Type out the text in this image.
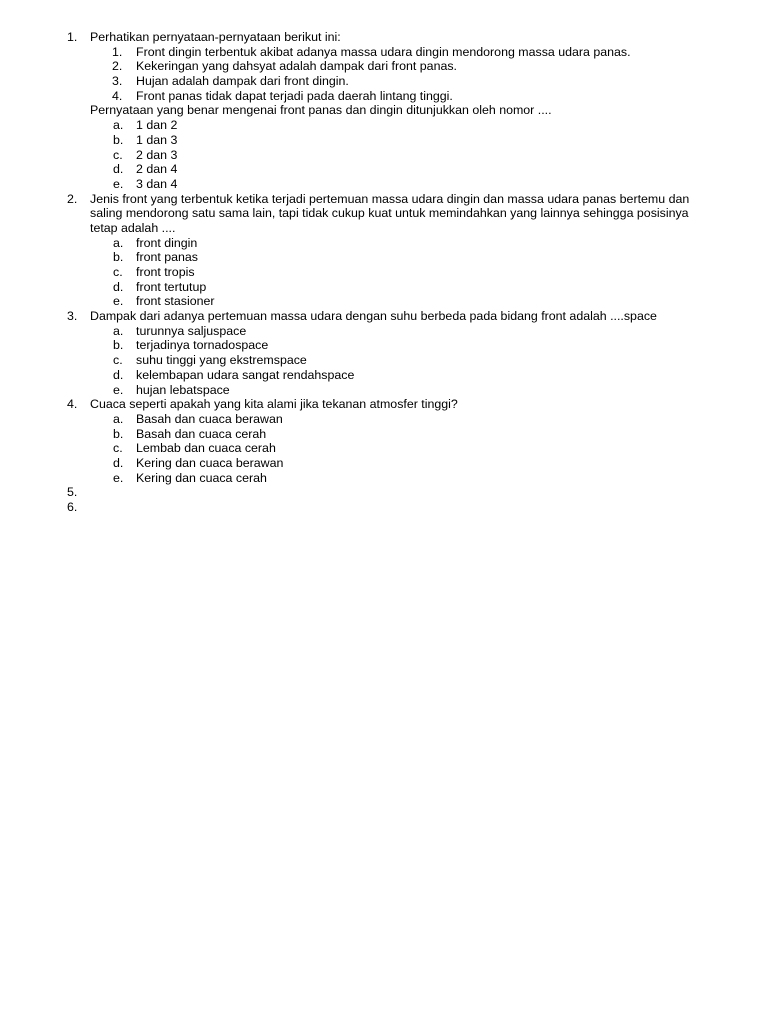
1. Perhatikan pernyataan-pernyataan berikut ini:
1. Front dingin terbentuk akibat adanya massa udara dingin mendorong massa udara panas.
2. Kekeringan yang dahsyat adalah dampak dari front panas.
3. Hujan adalah dampak dari front dingin.
4. Front panas tidak dapat terjadi pada daerah lintang tinggi.
Pernyataan yang benar mengenai front panas dan dingin ditunjukkan oleh nomor ....
a. 1 dan 2
b. 1 dan 3
c. 2 dan 3
d. 2 dan 4
e. 3 dan 4
2. Jenis front yang terbentuk ketika terjadi pertemuan massa udara dingin dan massa udara panas bertemu dan saling mendorong satu sama lain, tapi tidak cukup kuat untuk memindahkan yang lainnya sehingga posisinya tetap adalah ....
a. front dingin
b. front panas
c. front tropis
d. front tertutup
e. front stasioner
3. Dampak dari adanya pertemuan massa udara dengan suhu berbeda pada bidang front adalah ....space
a. turunnya saljuspace
b. terjadinya tornadospace
c. suhu tinggi yang ekstremspace
d. kelembapan udara sangat rendahspace
e. hujan lebatspace
4. Cuaca seperti apakah yang kita alami jika tekanan atmosfer tinggi?
a. Basah dan cuaca berawan
b. Basah dan cuaca cerah
c. Lembab dan cuaca cerah
d. Kering dan cuaca berawan
e. Kering dan cuaca cerah
5.
6.
